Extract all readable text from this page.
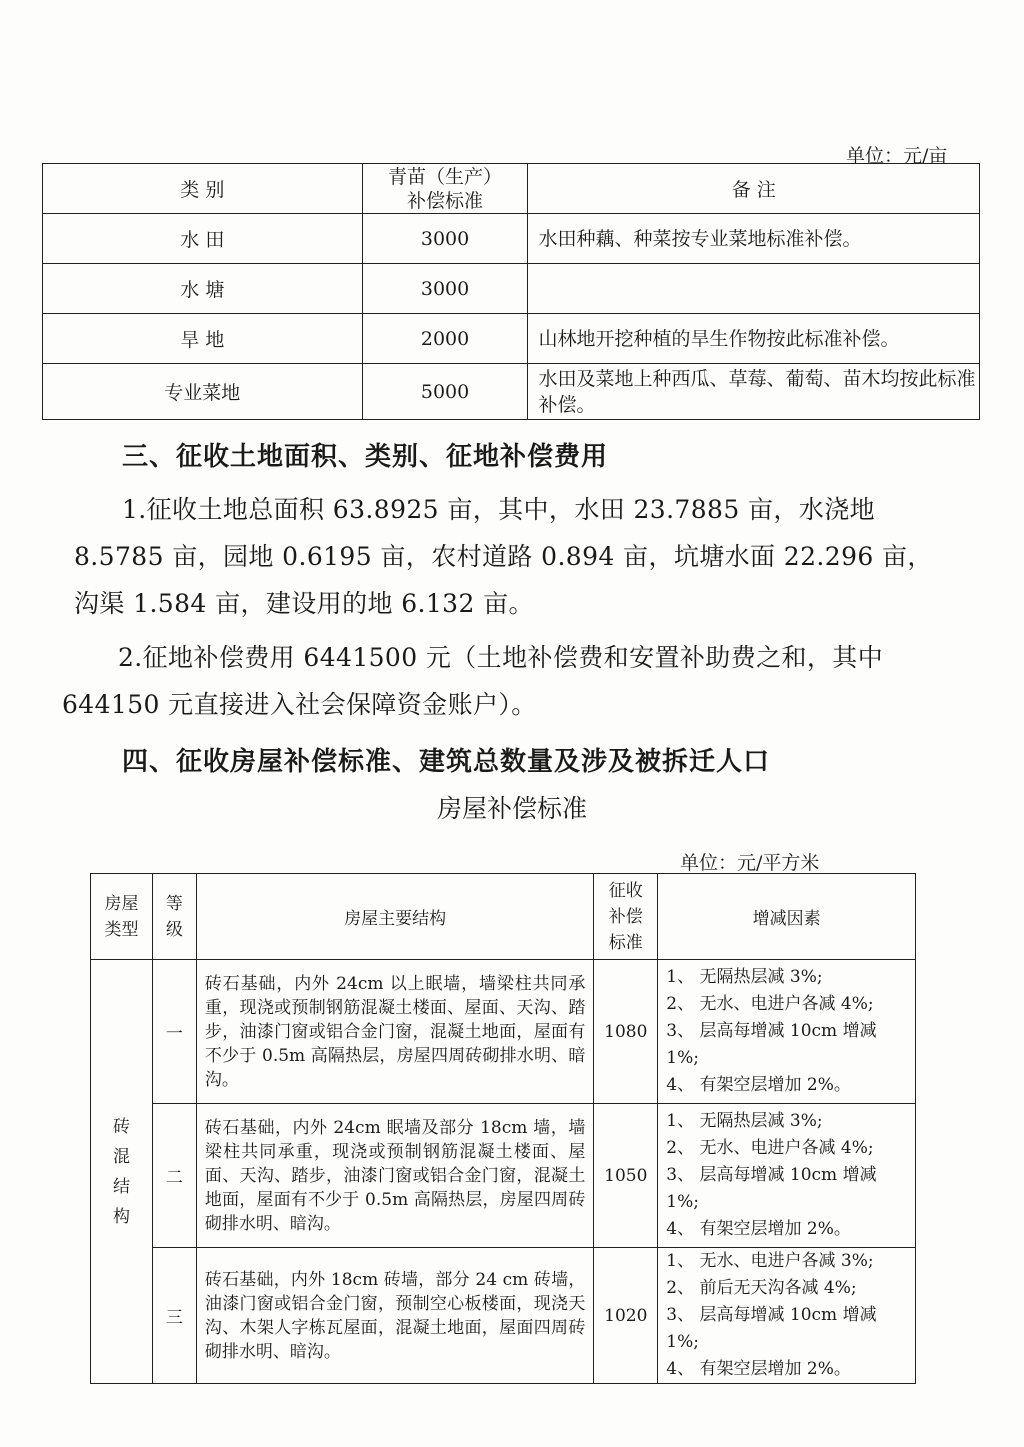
单位：元/亩
类 别	青苗（生产）补偿标准	备 注
水 田	3000	水田种藕、种菜按专业菜地标准补偿。
水 塘	3000	
旱 地	2000	山林地开挖种植的旱生作物按此标准补偿。
专业菜地	5000	水田及菜地上种西瓜、草莓、葡萄、苗木均按此标准补偿。
三、征收土地面积、类别、征地补偿费用
1.征收土地总面积 63.8925 亩，其中，水田 23.7885 亩，水浇地 8.5785 亩，园地 0.6195 亩，农村道路 0.894 亩，坑塘水面 22.296 亩，沟渠 1.584 亩，建设用的地 6.132 亩。
2.征地补偿费用 6441500 元（土地补偿费和安置补助费之和，其中 644150 元直接进入社会保障资金账户）。
四、征收房屋补偿标准、建筑总数量及涉及被拆迁人口
房屋补偿标准
单位：元/平方米
房屋类型	等级	房屋主要结构	征收补偿标准	增减因素

砖混结构	一	砖石基础，内外 24cm 以上眠墙，墙梁柱共同承重，现浇或预制钢筋混凝土楼面、屋面、天沟、踏步，油漆门窗或铝合金门窗，混凝土地面，屋面有不少于 0.5m 高隔热层，房屋四周砖砌排水明、暗沟。	1080	1、 无隔热层减 3%;
2、 无水、电进户各减 4%;
3、 层高每增减 10cm 增减 1%;
4、 有架空层增加 2%。

	二	砖石基础，内外 24cm 眠墙及部分 18cm 墙，墙梁柱共同承重，现浇或预制钢筋混凝土楼面、屋面、天沟、踏步，油漆门窗或铝合金门窗，混凝土地面，屋面有不少于 0.5m 高隔热层，房屋四周砖砌排水明、暗沟。	1050	1、 无隔热层减 3%;
2、 无水、电进户各减 4%;
3、 层高每增减 10cm 增减 1%;
4、 有架空层增加 2%。

	三	砖石基础，内外 18cm 砖墙，部分 24 cm 砖墙，油漆门窗或铝合金门窗，预制空心板楼面，现浇天沟、木架人字栋瓦屋面，混凝土地面，屋面四周砖砌排水明、暗沟。	1020	1、 无水、电进户各减 3%;
2、 前后无天沟各减 4%;
3、 层高每增减 10cm 增减 1%;
4、 有架空层增加 2%。
